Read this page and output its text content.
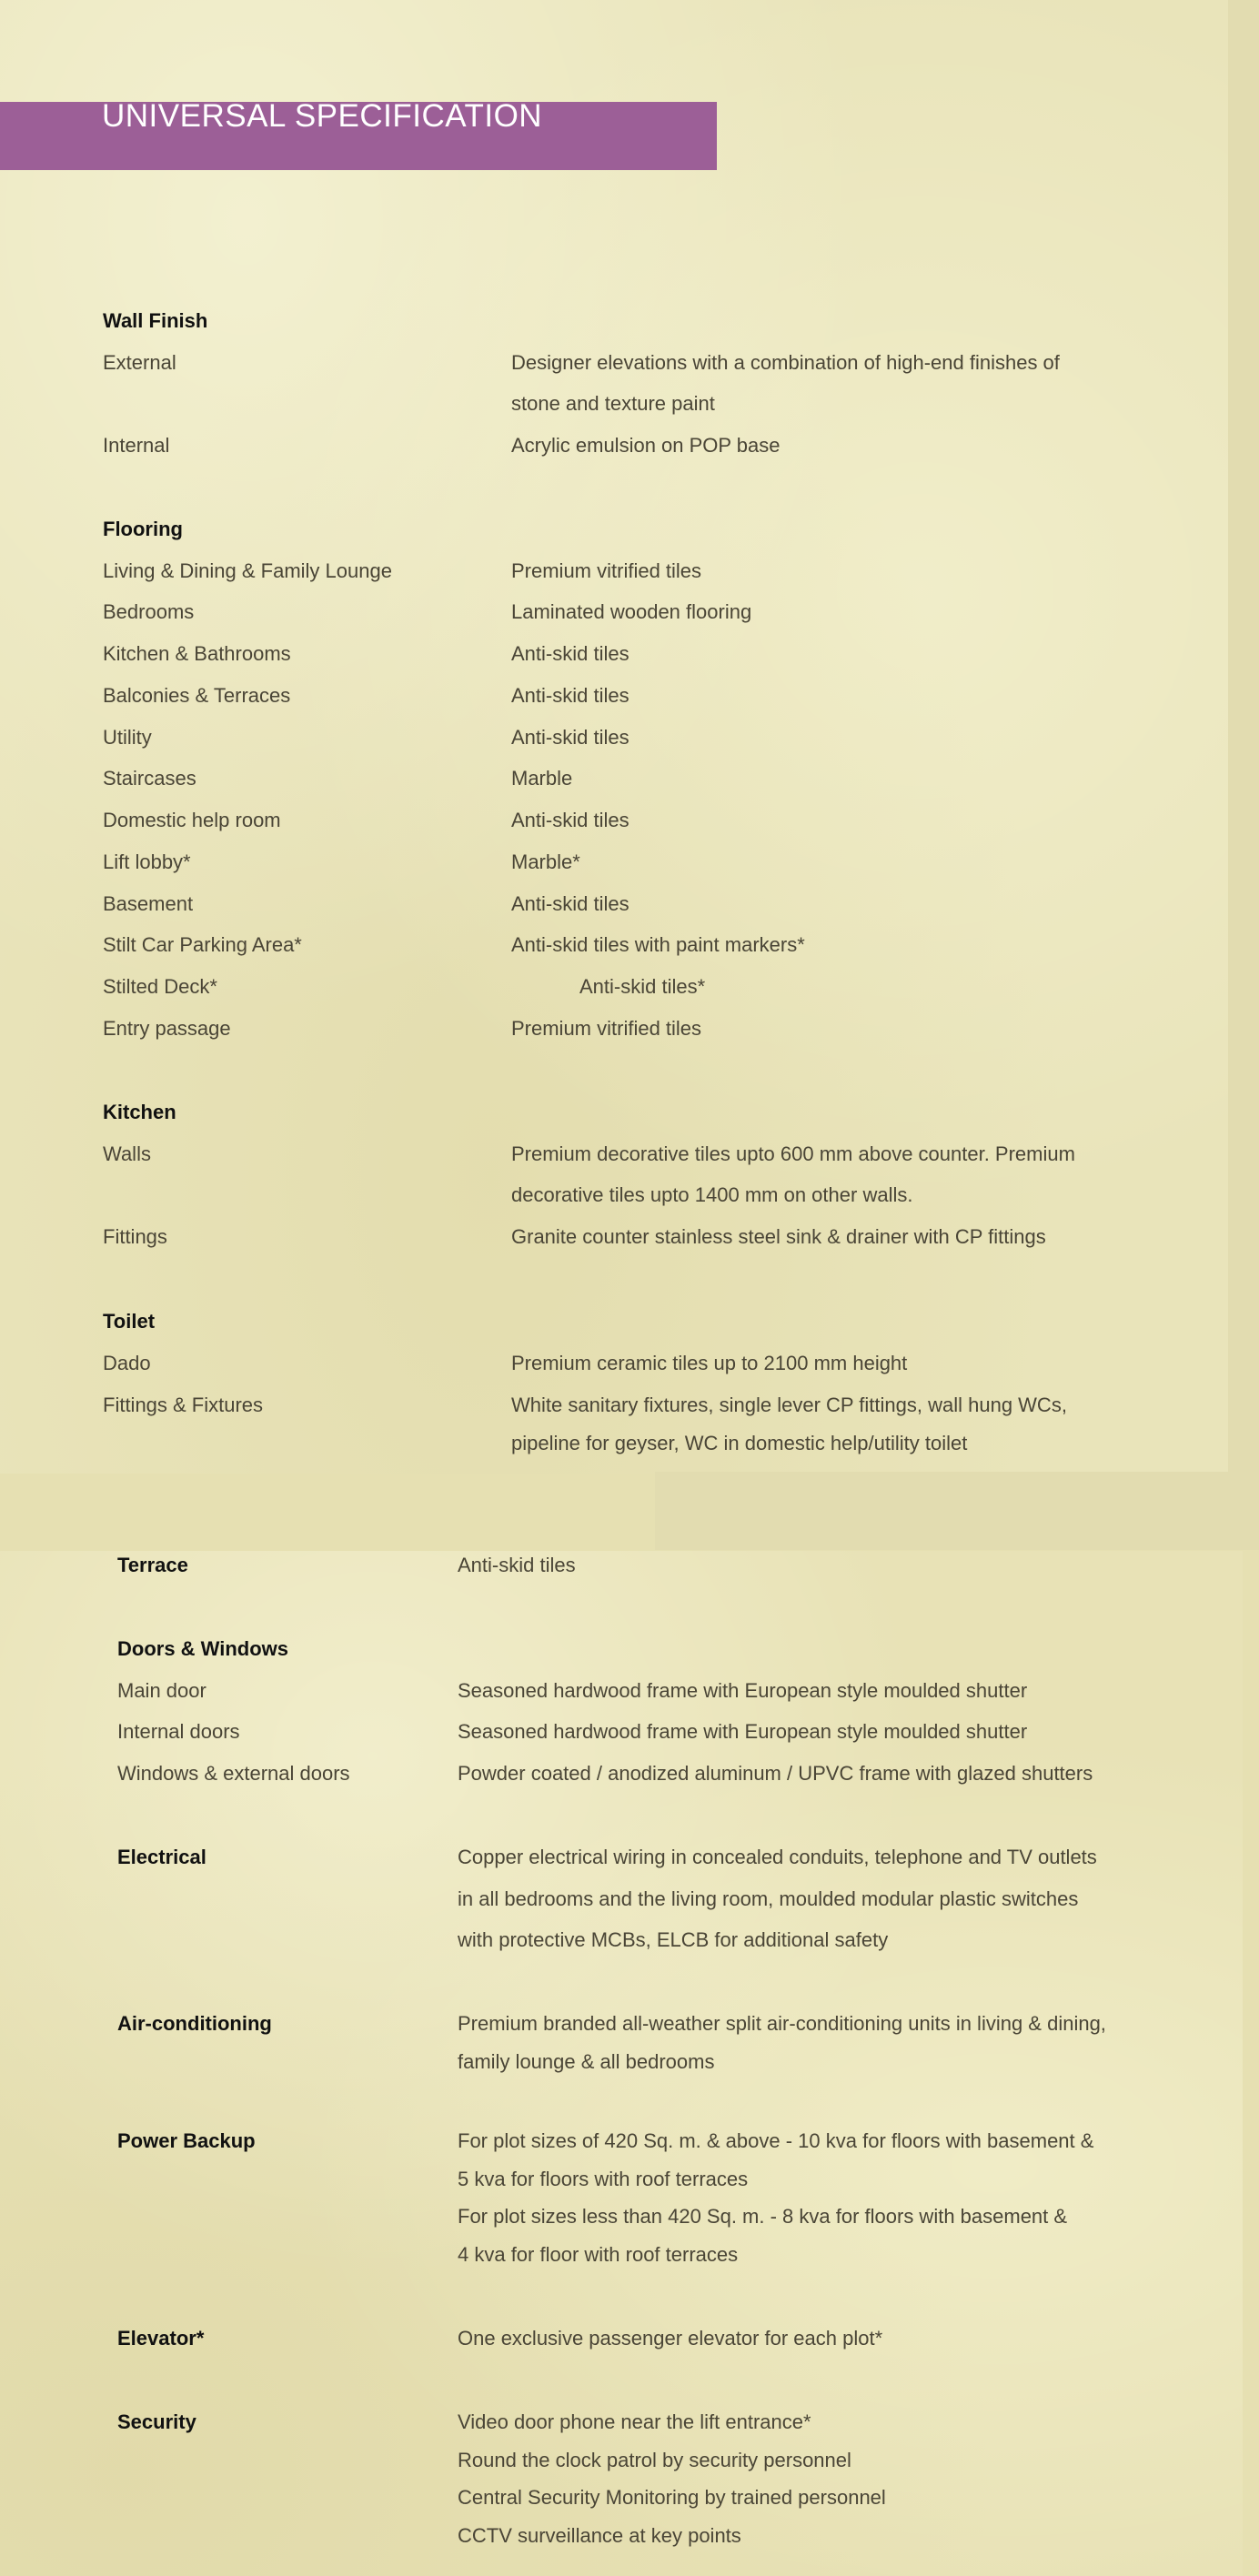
UNIVERSAL SPECIFICATION
Wall Finish
External	Designer elevations with a combination of high-end finishes of
stone and texture paint
Internal	Acrylic emulsion on POP base
Flooring
Living & Dining & Family Lounge	Premium vitrified tiles
Bedrooms	Laminated wooden flooring
Kitchen & Bathrooms	Anti-skid tiles
Balconies & Terraces	Anti-skid tiles
Utility	Anti-skid tiles
Staircases	Marble
Domestic help room	Anti-skid tiles
Lift lobby*	Marble*
Basement	Anti-skid tiles
Stilt Car Parking Area*	Anti-skid tiles with paint markers*
Stilted Deck*	Anti-skid tiles*
Entry passage	Premium vitrified tiles
Kitchen
Walls	Premium decorative tiles upto 600 mm above counter. Premium
decorative tiles upto 1400 mm on other walls.
Fittings	Granite counter stainless steel sink & drainer with CP fittings
Toilet
Dado	Premium ceramic tiles up to 2100 mm height
Fittings & Fixtures	White sanitary fixtures, single lever CP fittings, wall hung WCs,
pipeline for geyser, WC in domestic help/utility toilet
Terrace	Anti-skid tiles
Doors & Windows
Main door	Seasoned hardwood frame with European style moulded shutter
Internal doors	Seasoned hardwood frame with European style moulded shutter
Windows & external doors	Powder coated / anodized aluminum / UPVC frame with glazed shutters
Electrical	Copper electrical wiring in concealed conduits, telephone and TV outlets
in all bedrooms and the living room, moulded modular plastic switches
with protective MCBs, ELCB for additional safety
Air-conditioning	Premium branded all-weather split air-conditioning units in living & dining,
family lounge & all bedrooms
Power Backup	For plot sizes of 420 Sq. m. & above - 10 kva for floors with basement &
5 kva for floors with roof terraces
For plot sizes less than 420 Sq. m. - 8 kva for floors with basement &
4 kva for floor with roof terraces
Elevator*	One exclusive passenger elevator for each plot*
Security	Video door phone near the lift entrance*
Round the clock patrol by security personnel
Central Security Monitoring by trained personnel
CCTV surveillance at key points
